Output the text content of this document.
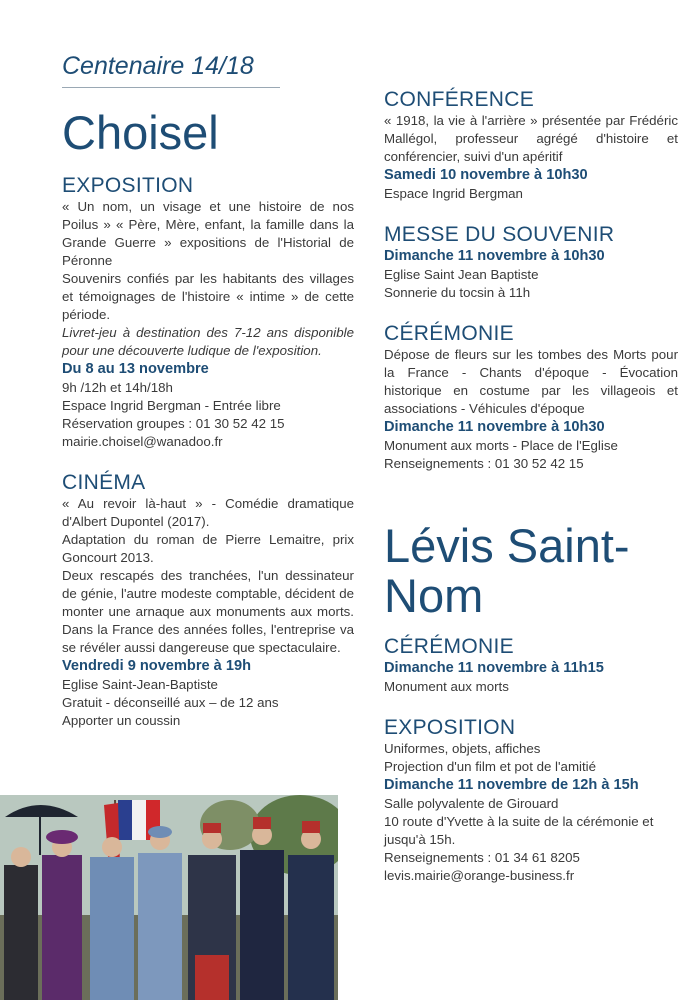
Centenaire 14/18
Choisel
EXPOSITION

« Un nom, un visage et une histoire de nos Poilus » « Père, Mère, enfant, la famille dans la Grande Guerre » expositions de l'Historial de Péronne

Souvenirs confiés par les habitants des villages et témoignages de l'histoire « intime » de cette période.

Livret-jeu à destination des 7-12 ans disponible pour une découverte ludique de l'exposition.

Du 8 au 13 novembre

9h /12h et 14h/18h

Espace Ingrid Bergman - Entrée libre

Réservation groupes : 01 30 52 42 15

mairie.choisel@wanadoo.fr

CINÉMA

« Au revoir là-haut » - Comédie dramatique d'Albert Dupontel (2017).

Adaptation du roman de Pierre Lemaitre, prix Goncourt 2013.

Deux rescapés des tranchées, l'un dessinateur de génie, l'autre modeste comptable, décident de monter une arnaque aux monuments aux morts. Dans la France des années folles, l'entreprise va se révéler aussi dangereuse que spectaculaire.

Vendredi 9 novembre à 19h

Eglise Saint-Jean-Baptiste

Gratuit - déconseillé aux – de 12 ans

Apporter un coussin

CONFÉRENCE

« 1918, la vie à l'arrière » présentée par Frédéric Mallégol, professeur agrégé d'histoire et conférencier, suivi d'un apéritif

Samedi 10 novembre à 10h30

Espace Ingrid Bergman

MESSE DU SOUVENIR

Dimanche 11 novembre à 10h30

Eglise Saint Jean Baptiste

Sonnerie du tocsin à 11h

CÉRÉMONIE

Dépose de fleurs sur les tombes des Morts pour la France - Chants d'époque - Évocation historique en costume par les villageois et associations - Véhicules d'époque

Dimanche 11 novembre à 10h30

Monument aux morts - Place de l'Eglise

Renseignements : 01 30 52 42 15

Lévis Saint-Nom
CÉRÉMONIE

Dimanche 11 novembre à 11h15

Monument aux morts

EXPOSITION

Uniformes, objets, affiches

Projection d'un film et pot de l'amitié

Dimanche 11 novembre de 12h à 15h

Salle polyvalente de Girouard

10 route d'Yvette à la suite de la cérémonie et jusqu'à 15h.

Renseignements : 01 34 61 8205

levis.mairie@orange-business.fr
